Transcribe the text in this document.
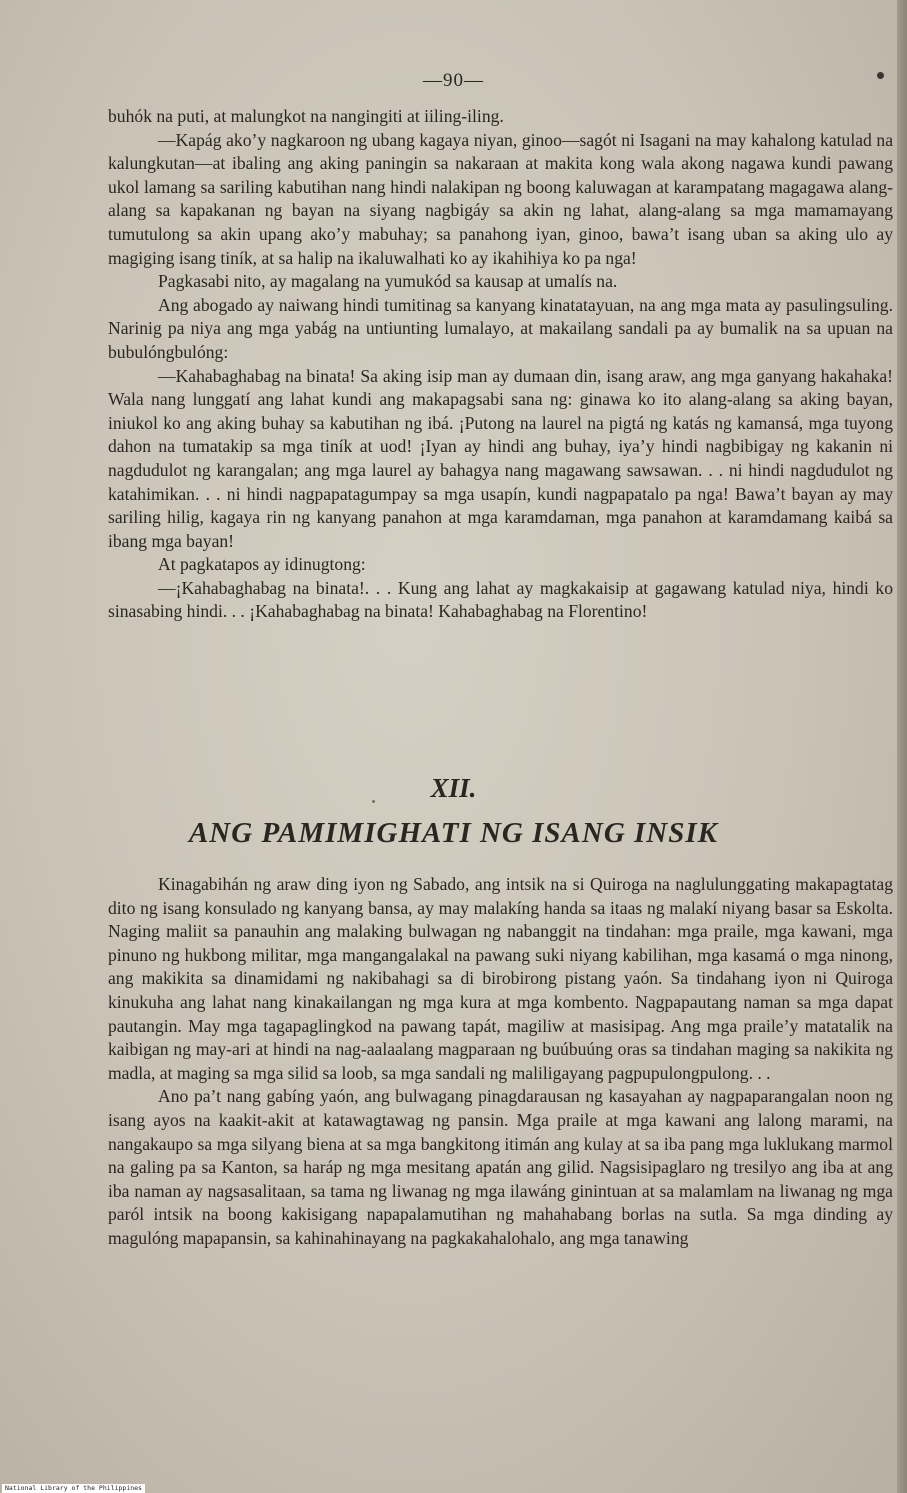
—90—

buhók na puti, at malungkot na nangingiti at iiling-iling.

—Kapág ako’y nagkaroon ng ubang kagaya niyan, ginoo—sagót ni Isagani na may kahalong katulad na kalungkutan—at ibaling ang aking paningin sa nakaraan at makita kong wala akong nagawa kundi pawang ukol lamang sa sariling kabutihan nang hindi nalakipan ng boong kaluwagan at karampatang magagawa alang-alang sa kapakanan ng bayan na siyang nagbigáy sa akin ng lahat, alang-alang sa mga mamamayang tumutulong sa akin upang ako’y mabuhay; sa panahong iyan, ginoo, bawa’t isang uban sa aking ulo ay magiging isang tiník, at sa halip na ikaluwalhati ko ay ikahihiya ko pa nga!

Pagkasabi nito, ay magalang na yumukód sa kausap at umalís na.

Ang abogado ay naiwang hindi tumitinag sa kanyang kinatatayuan, na ang mga mata ay pasulingsuling. Narinig pa niya ang mga yabág na untiunting lumalayo, at makailang sandali pa ay bumalik na sa upuan na bubulóngbulóng:

—Kahabaghabag na binata! Sa aking isip man ay dumaan din, isang araw, ang mga ganyang hakahaka! Wala nang lunggatí ang lahat kundi ang makapagsabi sana ng: ginawa ko ito alang-alang sa aking bayan, iniukol ko ang aking buhay sa kabutihan ng ibá. ¡Putong na laurel na pigtá ng katás ng kamansá, mga tuyong dahon na tumatakip sa mga tiník at uod! ¡Iyan ay hindi ang buhay, iya’y hindi nagbibigay ng kakanin ni nagdudulot ng karangalan; ang mga laurel ay bahagya nang magawang sawsawan. . . ni hindi nagdudulot ng katahimikan. . . ni hindi nagpapatagumpay sa mga usapín, kundi nagpapatalo pa nga! Bawa’t bayan ay may sariling hilig, kagaya rin ng kanyang panahon at mga karamdaman, mga panahon at karamdamang kaibá sa ibang mga bayan!

At pagkatapos ay idinugtong:

—¡Kahabaghabag na binata!. . . Kung ang lahat ay magkakaisip at gagawang katulad niya, hindi ko sinasabing hindi. . . ¡Kahabaghabag na binata! Kahabaghabag na Florentino!

XII.
ANG PAMIMIGHATI NG ISANG INSIK

Kinagabihán ng araw ding iyon ng Sabado, ang intsik na si Quiroga na naglulunggating makapagtatag dito ng isang konsulado ng kanyang bansa, ay may malakíng handa sa itaas ng malakí niyang basar sa Eskolta. Naging maliit sa panauhin ang malaking bulwagan ng nabanggit na tindahan: mga praile, mga kawani, mga pinuno ng hukbong militar, mga mangangalakal na pawang suki niyang kabilihan, mga kasamá o mga ninong, ang makikita sa dinamidami ng nakibahagi sa di birobirong pistang yaón. Sa tindahang iyon ni Quiroga kinukuha ang lahat nang kinakailangan ng mga kura at mga kombento. Nagpapautang naman sa mga dapat pautangin. May mga tagapaglingkod na pawang tapát, magiliw at masisipag. Ang mga praile’y matatalik na kaibigan ng may-ari at hindi na nag-aalaalang magparaan ng buúbuúng oras sa tindahan maging sa nakikita ng madla, at maging sa mga silid sa loob, sa mga sandali ng maliligayang pagpupulongpulong. . .

Ano pa’t nang gabíng yaón, ang bulwagang pinagdarausan ng kasayahan ay nagpaparangalan noon ng isang ayos na kaakit-akit at katawagtawag ng pansin. Mga praile at mga kawani ang lalong marami, na nangakaupo sa mga silyang biena at sa mga bangkitong itimán ang kulay at sa iba pang mga luklukang marmol na galing pa sa Kanton, sa haráp ng mga mesitang apatán ang gilid. Nagsisipaglaro ng tresilyo ang iba at ang iba naman ay nagsasalitaan, sa tama ng liwanag ng mga ilawáng ginintuan at sa malamlam na liwanag ng mga paról intsik na boong kakisigang napapalamutihan ng mahahabang borlas na sutla. Sa mga dinding ay magulóng mapapansin, sa kahinahinayang na pagkakahalohalo, ang mga tanawing

National Library of the Philippines
